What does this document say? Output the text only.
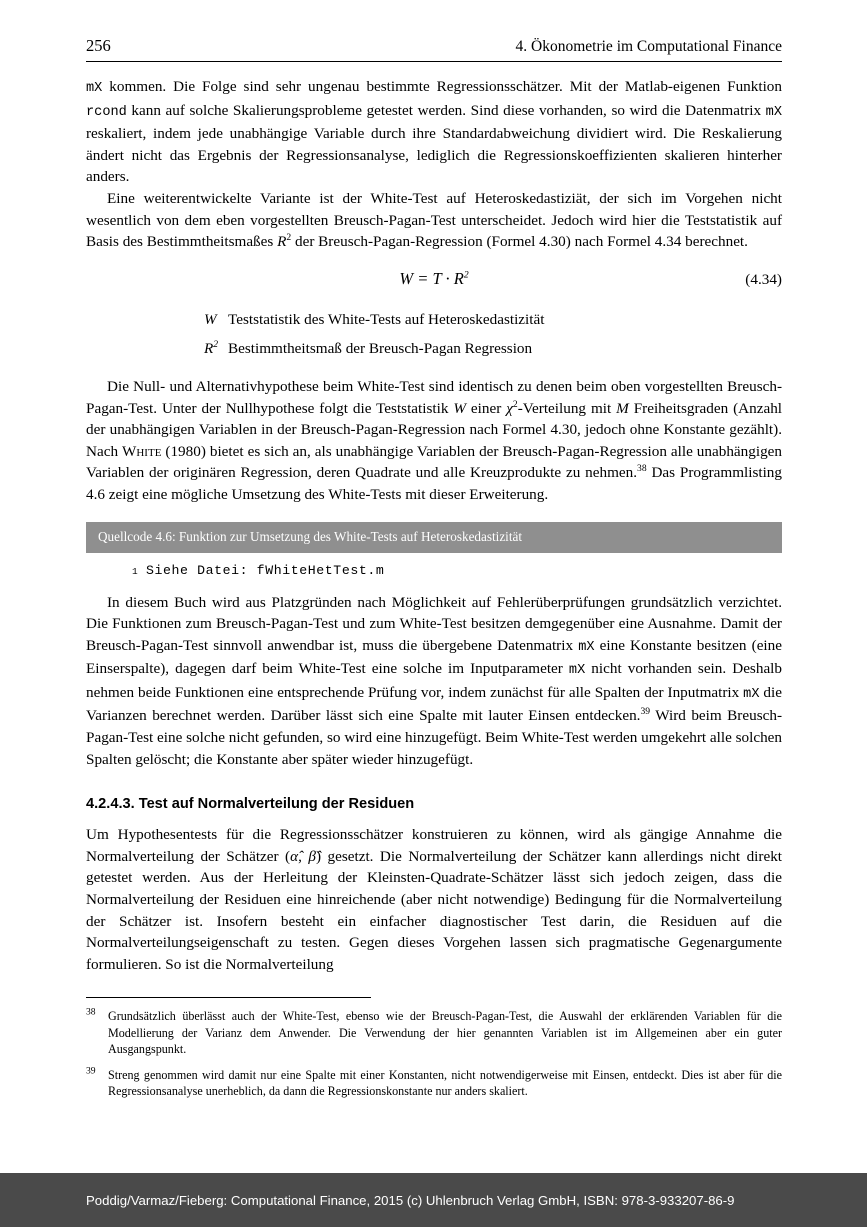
256	4. Ökonometrie im Computational Finance

mX kommen. Die Folge sind sehr ungenau bestimmte Regressionsschätzer. Mit der Matlab-eigenen Funktion rcond kann auf solche Skalierungsprobleme getestet werden. Sind diese vorhanden, so wird die Datenmatrix mX reskaliert, indem jede unabhängige Variable durch ihre Standardabweichung dividiert wird. Die Reskalierung ändert nicht das Ergebnis der Regressionsanalyse, lediglich die Regressionskoeffizienten skalieren hinterher anders.

Eine weiterentwickelte Variante ist der White-Test auf Heteroskedastiziät, der sich im Vorgehen nicht wesentlich von dem eben vorgestellten Breusch-Pagan-Test unterscheidet. Jedoch wird hier die Teststatistik auf Basis des Bestimmtheitsmaßes $R^2$ der Breusch-Pagan-Regression (Formel 4.30) nach Formel 4.34 berechnet.

$W = T \cdot R^2$	(4.34)
W Teststatistik des White-Tests auf Heteroskedastizität
$R^2$ Bestimmtheitsmaß der Breusch-Pagan Regression

Die Null- und Alternativhypothese beim White-Test sind identisch zu denen beim oben vorgestellten Breusch-Pagan-Test. Unter der Nullhypothese folgt die Teststatistik W einer $\chi^2$-Verteilung mit M Freiheitsgraden (Anzahl der unabhängigen Variablen in der Breusch-Pagan-Regression nach Formel 4.30, jedoch ohne Konstante gezählt). Nach White (1980) bietet es sich an, als unabhängige Variablen der Breusch-Pagan-Regression alle unabhängigen Variablen der originären Regression, deren Quadrate und alle Kreuzprodukte zu nehmen.$^{38}$ Das Programmlisting 4.6 zeigt eine mögliche Umsetzung des White-Tests mit dieser Erweiterung.

Quellcode 4.6: Funktion zur Umsetzung des White-Tests auf Heteroskedastizität
1 Siehe Datei: fWhiteHetTest.m

In diesem Buch wird aus Platzgründen nach Möglichkeit auf Fehlerüberprüfungen grundsätzlich verzichtet. Die Funktionen zum Breusch-Pagan-Test und zum White-Test besitzen demgegenüber eine Ausnahme. Damit der Breusch-Pagan-Test sinnvoll anwendbar ist, muss die übergebene Datenmatrix mX eine Konstante besitzen (eine Einserspalte), dagegen darf beim White-Test eine solche im Inputparameter mX nicht vorhanden sein. Deshalb nehmen beide Funktionen eine entsprechende Prüfung vor, indem zunächst für alle Spalten der Inputmatrix mX die Varianzen berechnet werden. Darüber lässt sich eine Spalte mit lauter Einsen entdecken.$^{39}$ Wird beim Breusch-Pagan-Test eine solche nicht gefunden, so wird eine hinzugefügt. Beim White-Test werden umgekehrt alle solchen Spalten gelöscht; die Konstante aber später wieder hinzugefügt.

4.2.4.3. Test auf Normalverteilung der Residuen

Um Hypothesentests für die Regressionsschätzer konstruieren zu können, wird als gängige Annahme die Normalverteilung der Schätzer (α̂, β̂) gesetzt. Die Normalverteilung der Schätzer kann allerdings nicht direkt getestet werden. Aus der Herleitung der Kleinsten-Quadrate-Schätzer lässt sich jedoch zeigen, dass die Normalverteilung der Residuen eine hinreichende (aber nicht notwendige) Bedingung für die Normalverteilung der Schätzer ist. Insofern besteht ein einfacher diagnostischer Test darin, die Residuen auf die Normalverteilungseigenschaft zu testen. Gegen dieses Vorgehen lassen sich pragmatische Gegenargumente formulieren. So ist die Normalverteilung

$^{38}$	Grundsätzlich überlässt auch der White-Test, ebenso wie der Breusch-Pagan-Test, die Auswahl der erklärenden Variablen für die Modellierung der Varianz dem Anwender. Die Verwendung der hier genannten Variablen ist im Allgemeinen aber ein guter Ausgangspunkt.
$^{39}$	Streng genommen wird damit nur eine Spalte mit einer Konstanten, nicht notwendigerweise mit Einsen, entdeckt. Dies ist aber für die Regressionsanalyse unerheblich, da dann die Regressionskonstante nur anders skaliert.
Poddig/Varmaz/Fieberg: Computational Finance, 2015 (c) Uhlenbruch Verlag GmbH, ISBN: 978-3-933207-86-9
